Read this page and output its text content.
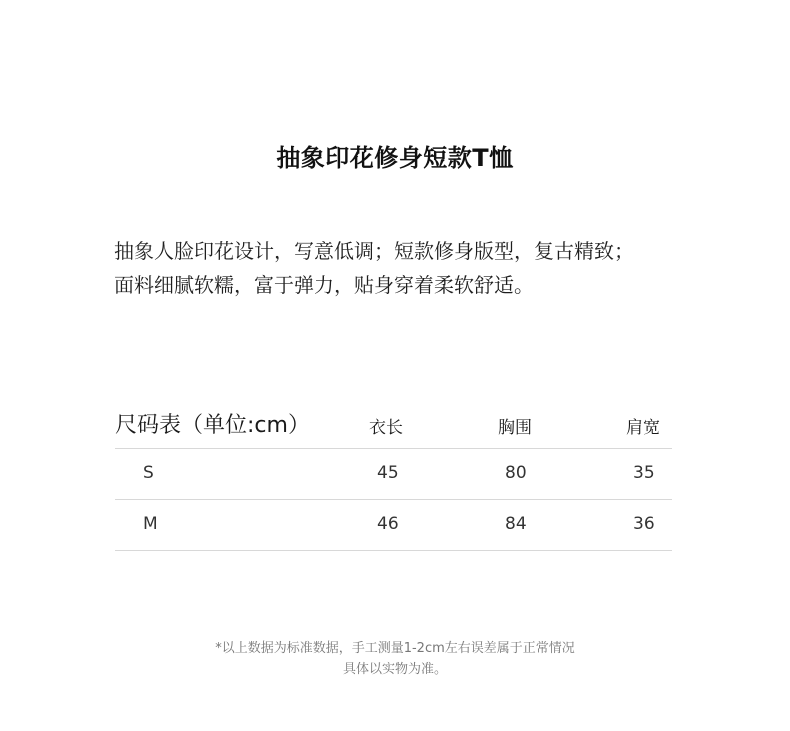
抽象印花修身短款T恤
抽象人脸印花设计，写意低调；短款修身版型，复古精致；
面料细腻软糯，富于弹力，贴身穿着柔软舒适。
尺码表（单位:cm）	衣长	胸围	肩宽
S	45	80	35
M	46	84	36
*以上数据为标准数据，手工测量1-2cm左右误差属于正常情况
具体以实物为准。
